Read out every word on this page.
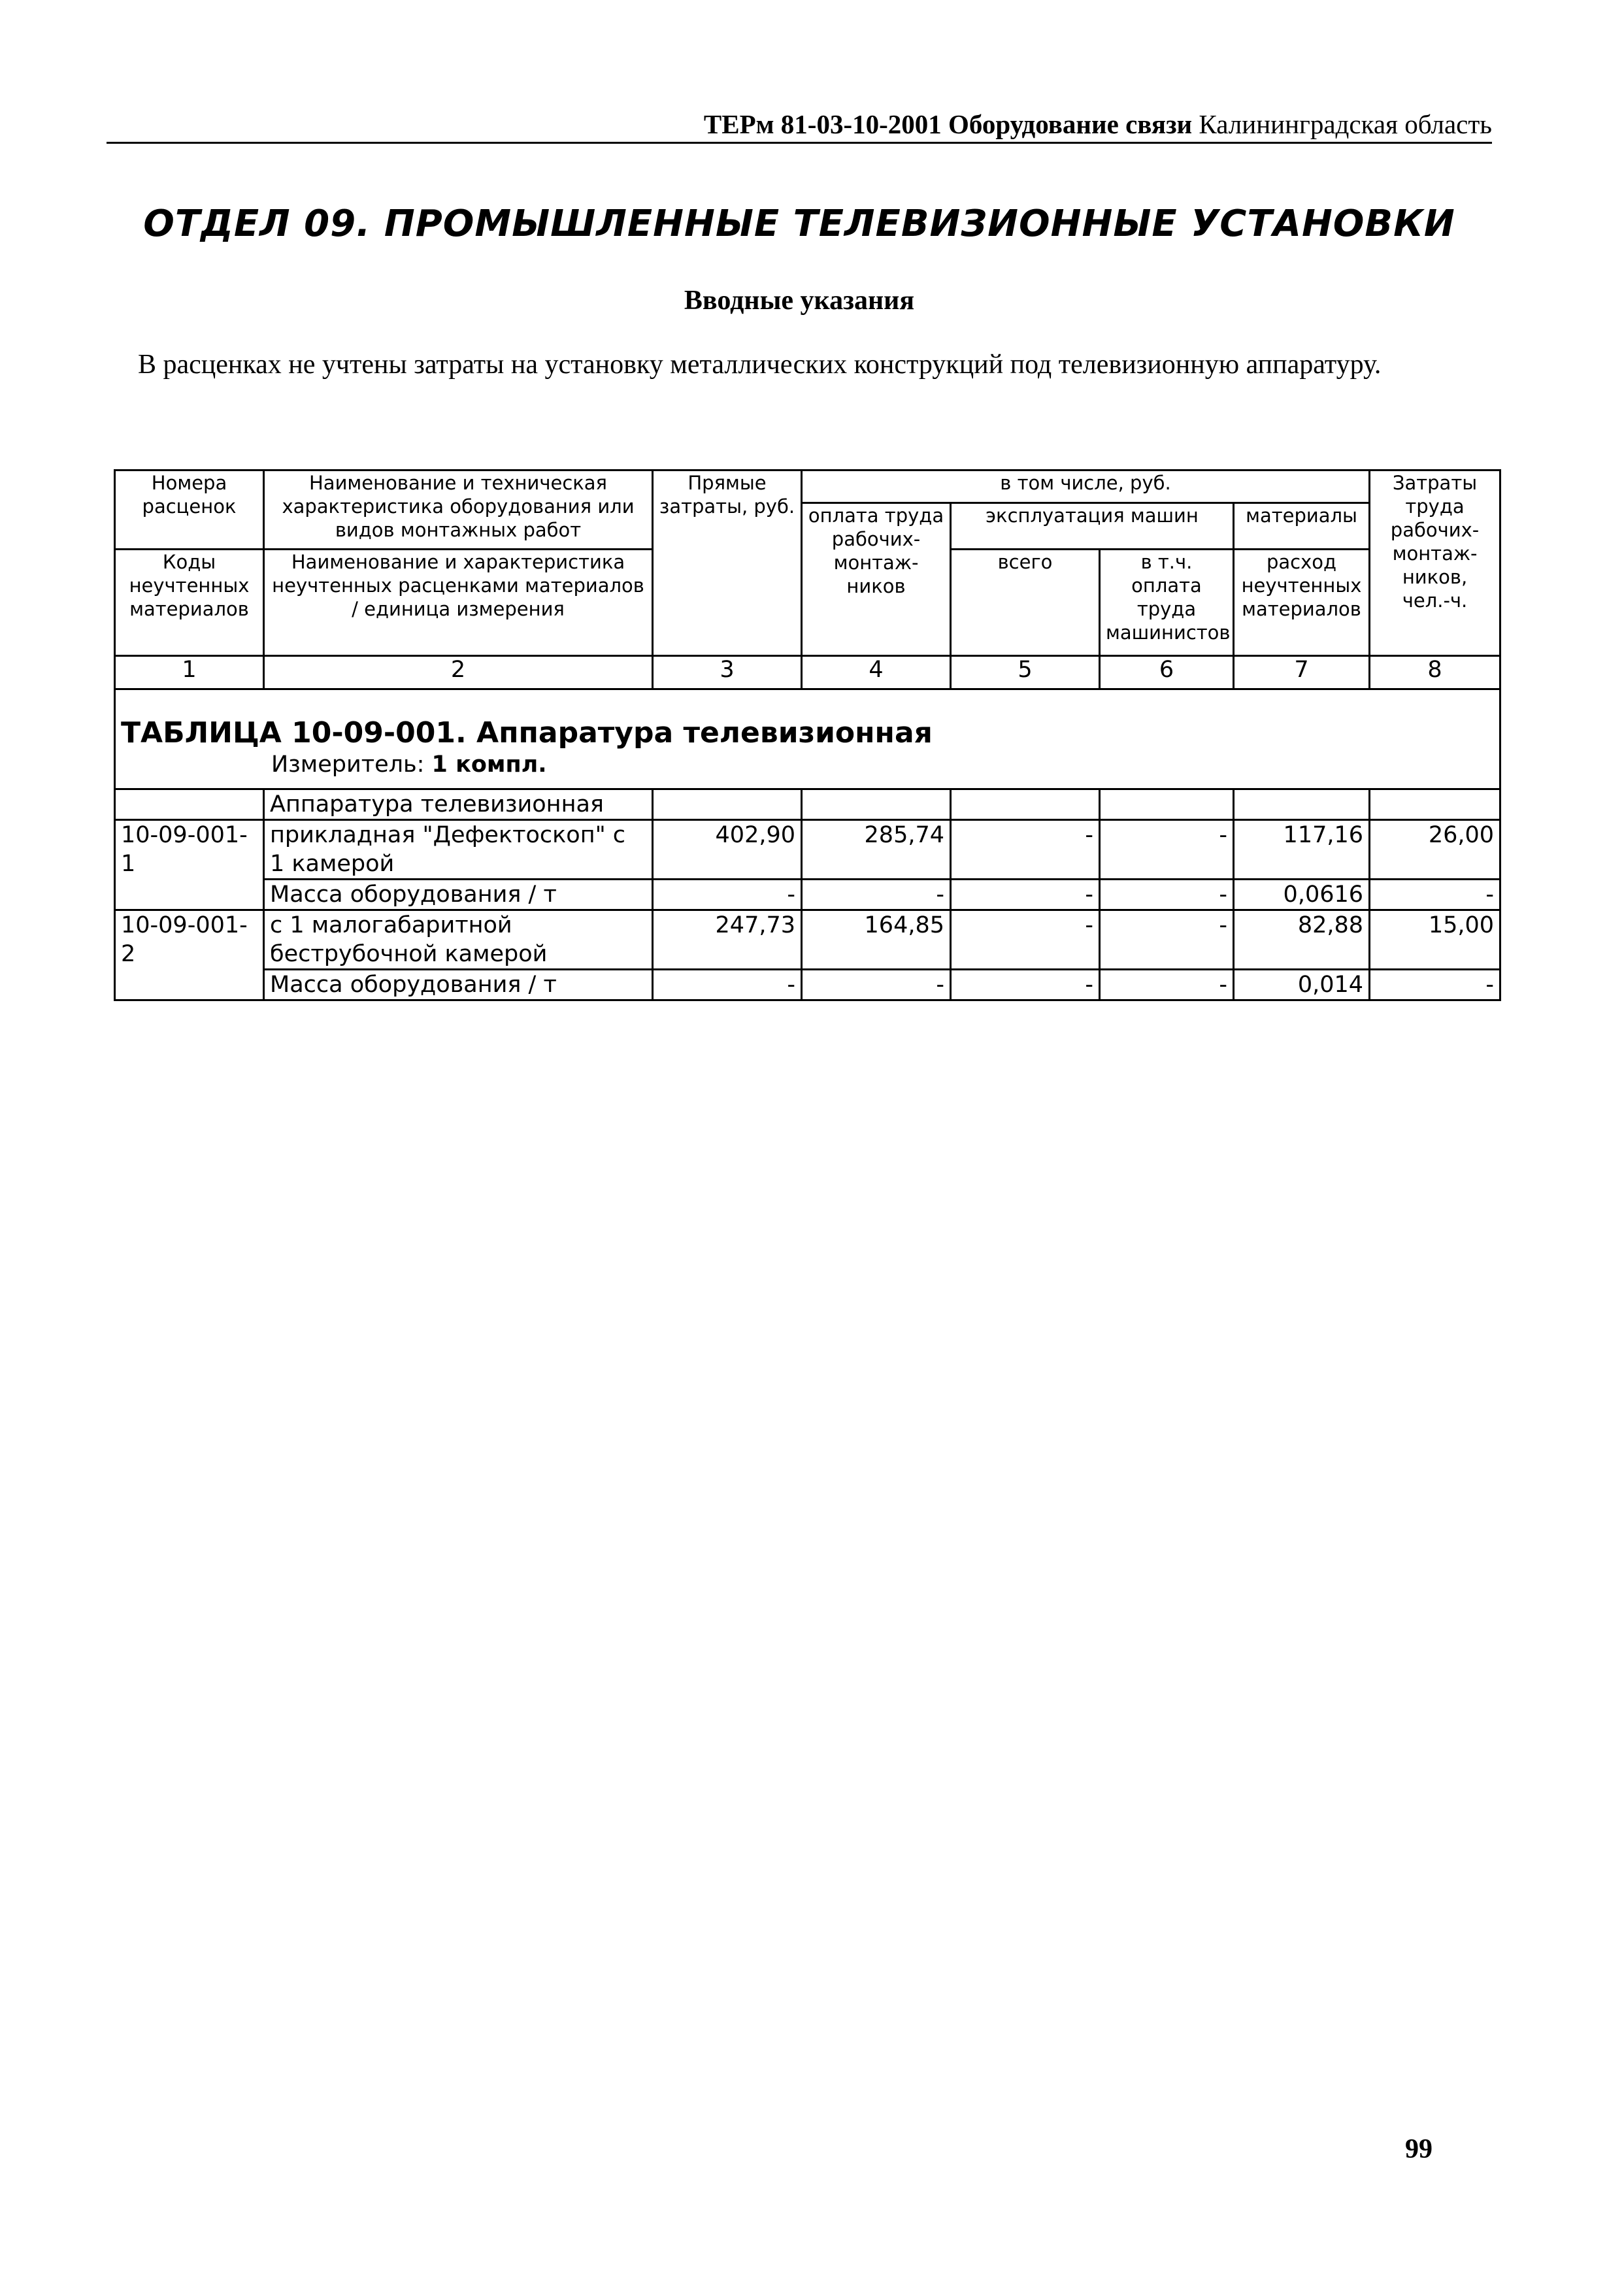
ТЕРм 81-03-10-2001 Оборудование связи Калининградская область
ОТДЕЛ 09. ПРОМЫШЛЕННЫЕ ТЕЛЕВИЗИОННЫЕ УСТАНОВКИ
Вводные указания
В расценках не учтены затраты на установку металлических конструкций под телевизионную аппаратуру.
Номера расценок	Наименование и техническая характеристика оборудования или видов монтажных работ	Прямые затраты, руб.	в том числе, руб.				Затраты труда рабочих-монтаж-ников, чел.-ч.
			оплата труда рабочих-монтаж-ников	эксплуатация машин		материалы	
Коды неучтенных материалов	Наименование и характеристика неучтенных расценками материалов / единица измерения			всего	в т.ч. оплата труда машинистов	расход неучтенных материалов	

1	2	3	4	5	6	7	8

ТАБЛИЦА 10-09-001. Аппаратура телевизионная
Измеритель: 1 компл.							

	Аппаратура телевизионная						
10-09-001-1	прикладная "Дефектоскоп" с 1 камерой	402,90	285,74	-	-	117,16	26,00
	Масса оборудования / т	-	-	-	-	0,0616	-
10-09-001-2	с 1 малогабаритной беструбочной камерой	247,73	164,85	-	-	82,88	15,00
	Масса оборудования / т	-	-	-	-	0,014	-
99
